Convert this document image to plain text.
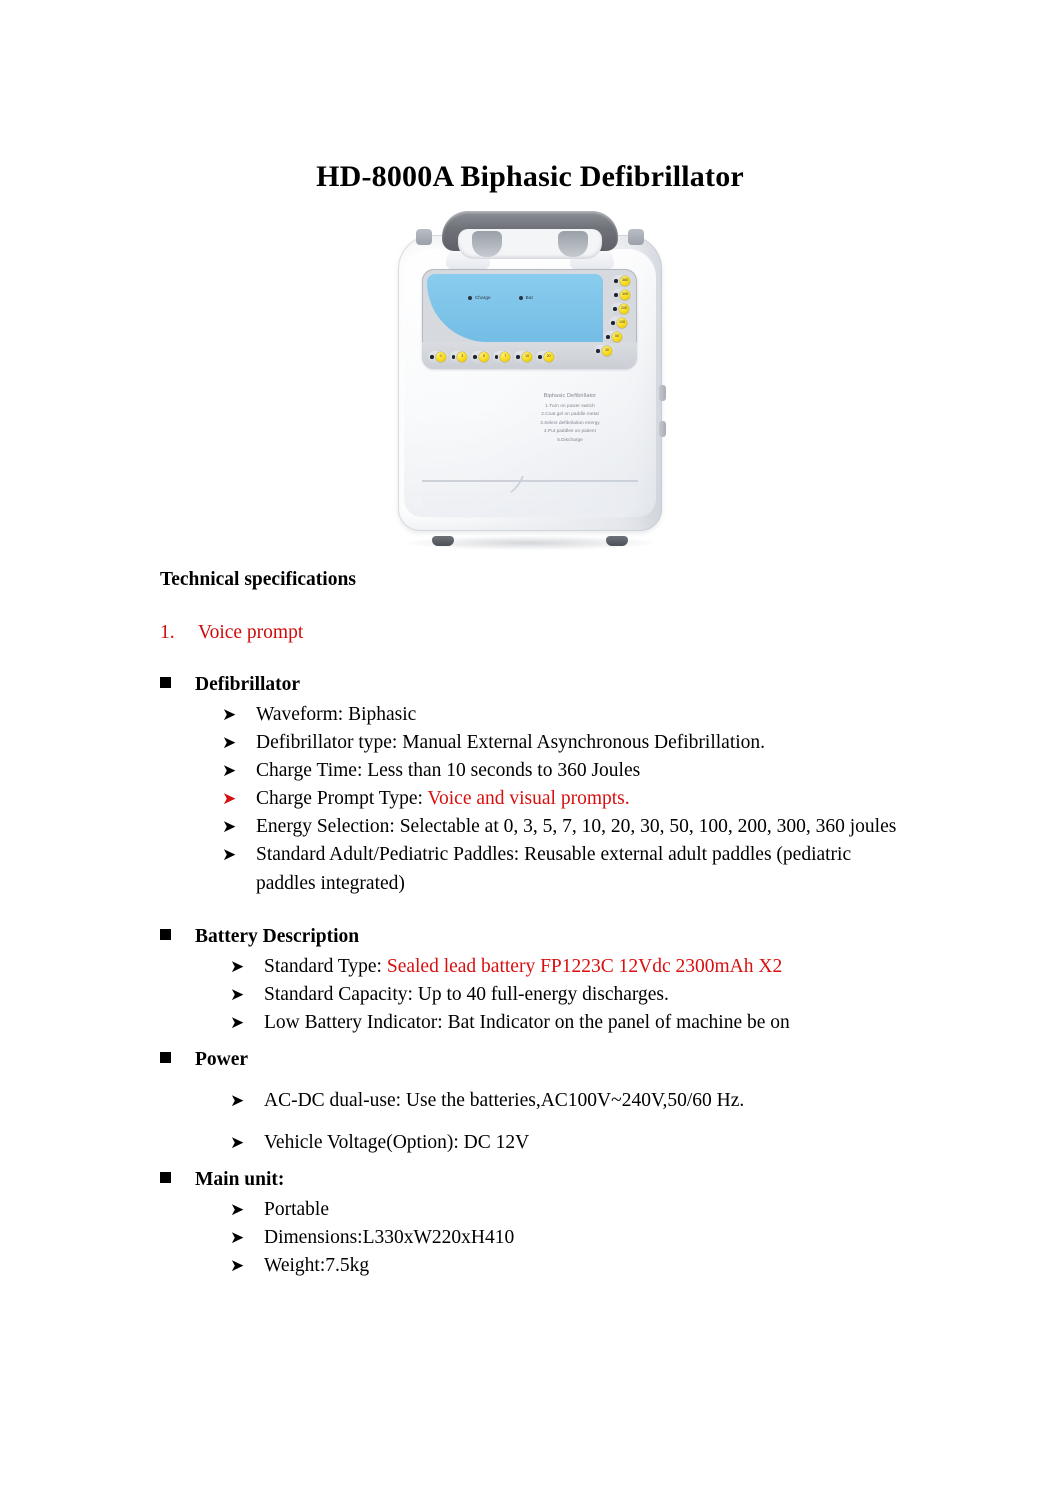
HD-8000A Biphasic Defibrillator
Charge	Bat
0	3	5	7	10	20
360
300
200
100
50
30
Biphasic Defibrillator
1.Turn on power switch
2.Coat gel on paddle metal
3.Select defibrilation energy
4.Put paddles on patient
5.Discharge
Technical specifications
1.	Voice prompt
Defibrillator
➤	Waveform: Biphasic
➤	Defibrillator type: Manual External Asynchronous Defibrillation.
➤	Charge Time: Less than 10 seconds to 360 Joules
➤	Charge Prompt Type: Voice and visual prompts.
➤	Energy Selection: Selectable at 0, 3, 5, 7, 10, 20, 30, 50, 100, 200, 300, 360 joules
➤	Standard Adult/Pediatric Paddles: Reusable external adult paddles (pediatric paddles integrated)
Battery Description
➤	Standard Type: Sealed lead battery FP1223C 12Vdc 2300mAh X2
➤	Standard Capacity: Up to 40 full-energy discharges.
➤	Low Battery Indicator: Bat Indicator on the panel of machine be on
Power
➤	AC-DC dual-use: Use the batteries,AC100V~240V,50/60 Hz.
➤	Vehicle Voltage(Option): DC 12V
Main unit:
➤	Portable
➤	Dimensions:L330xW220xH410
➤	Weight:7.5kg
